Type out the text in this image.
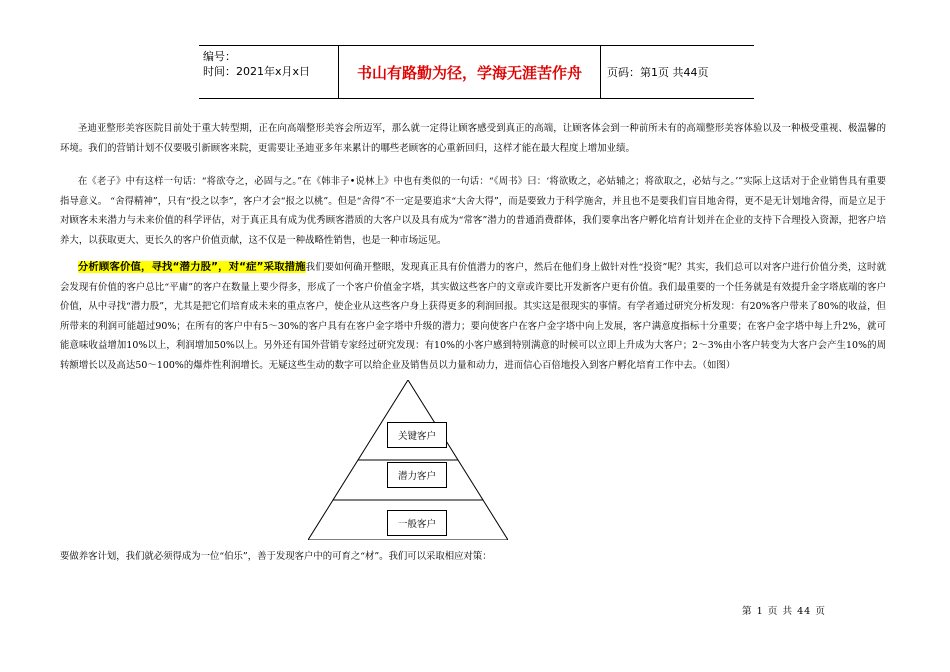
编号：
时间：2021年x月x日	书山有路勤为径，学海无涯苦作舟	页码：第1页 共44页

圣迪亚整形美容医院目前处于重大转型期，正在向高端整形美容会所迈军，那么就一定得让顾客感受到真正的高端，让顾客体会到一种前所未有的高端整形美容体验以及一种极受重视、极温馨的环境。我们的营销计划不仅要吸引新顾客来院，更需要让圣迪亚多年来累计的哪些老顾客的心重新回归，这样才能在最大程度上增加业绩。

在《老子》中有这样一句话：“将欲夺之，必固与之。”在《韩非子•说林上》中也有类似的一句话：“《周书》曰：‘将欲败之，必姑辅之；将欲取之，必姑与之。’”实际上这话对于企业销售具有重要指导意义。 “舍得精神”，只有“投之以李”，客户才会“报之以桃”。但是“舍得”不一定是要追求“大舍大得”，而是要致力于科学施舍，并且也不是要我们盲目地舍得，更不是无计划地舍得，而是立足于对顾客未来潜力与未来价值的科学评估，对于真正具有成为优秀顾客潜质的大客户以及具有成为“常客”潜力的普通消费群体，我们要拿出客户孵化培育计划并在企业的支持下合理投入资源，把客户培养大，以获取更大、更长久的客户价值贡献，这不仅是一种战略性销售，也是一种市场远见。

分析顾客价值，寻找“潜力股”，对“症”采取措施我们要如何确开整眼，发现真正具有价值潜力的客户，然后在他们身上做针对性“投资”呢？其实，我们总可以对客户进行价值分类，这时就会发现有价值的客户总比“平庸”的客户在数量上要少得多，形成了一个客户价值金字塔，其实做这些客户的文章或许要比开发新客户更有价值。我们最重要的一个任务就是有效提升金字塔底端的客户价值，从中寻找“潜力股”，尤其是把它们培育成未来的重点客户，使企业从这些客户身上获得更多的利润回报。其实这是很现实的事情。有学者通过研究分析发现：有20%客户带来了80%的收益，但所带来的利润可能超过90%；在所有的客户中有5～30%的客户具有在客户金字塔中升级的潜力；要向使客户在客户金字塔中向上发展，客户满意度指标十分重要；在客户金字塔中每上升2%，就可能意味收益增加10%以上，利润增加50%以上。另外还有国外营销专家经过研究发现：有10%的小客户感到特别满意的时候可以立即上升成为大客户；2～3%由小客户转变为大客户会产生10%的周转额增长以及高达50～100%的爆炸性利润增长。无疑这些生动的数字可以给企业及销售员以力量和动力，进而信心百倍地投入到客户孵化培育工作中去。（如图）

关键客户
潜力客户
一般客户
要做养客计划，我们就必须得成为一位“伯乐”，善于发现客户中的可育之“材”。我们可以采取相应对策：
第 1 页 共 44 页
